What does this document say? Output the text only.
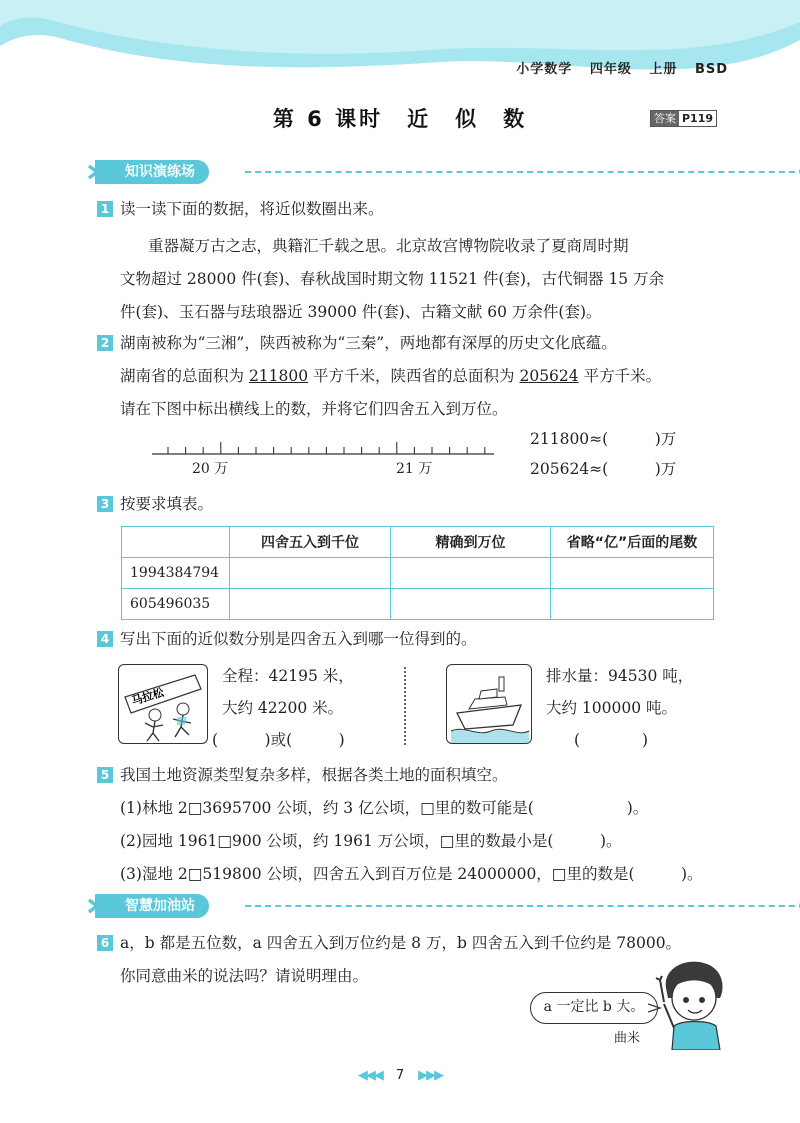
小学数学 四年级 上册 BSD
第 6 课时　近　似　数	答案 P119
知识演练场
1 读一读下面的数据，将近似数圈出来。
重器凝万古之志，典籍汇千载之思。北京故宫博物院收录了夏商周时期
文物超过 28000 件(套)、春秋战国时期文物 11521 件(套)，古代铜器 15 万余
件(套)、玉石器与珐琅器近 39000 件(套)、古籍文献 60 万余件(套)。
2 湖南被称为“三湘”，陕西被称为“三秦”，两地都有深厚的历史文化底蕴。
湖南省的总面积为 211800 平方千米，陕西省的总面积为 205624 平方千米。
请在下图中标出横线上的数，并将它们四舍五入到万位。
20 万	21 万
211800≈(　　　)万
205624≈(　　　)万
3 按要求填表。
	四舍五入到千位	精确到万位	省略“亿”后面的尾数
1994384794			
605496035			
4 写出下面的近似数分别是四舍五入到哪一位得到的。
马拉松
全程：42195 米，
大约 42200 米。
(　　　)或(　　　)
排水量：94530 吨，
大约 100000 吨。
(　　　　)
5 我国土地资源类型复杂多样，根据各类土地的面积填空。
(1)林地 2□3695700 公顷，约 3 亿公顷，□里的数可能是(　　　　　　)。
(2)园地 1961□900 公顷，约 1961 万公顷，□里的数最小是(　　　)。
(3)湿地 2□519800 公顷，四舍五入到百万位是 24000000，□里的数是(　　　)。
智慧加油站
6 a，b 都是五位数，a 四舍五入到万位约是 8 万，b 四舍五入到千位约是 78000。
你同意曲米的说法吗？请说明理由。
a 一定比 b 大。
曲米
◀◀◀ 7 ▶▶▶
